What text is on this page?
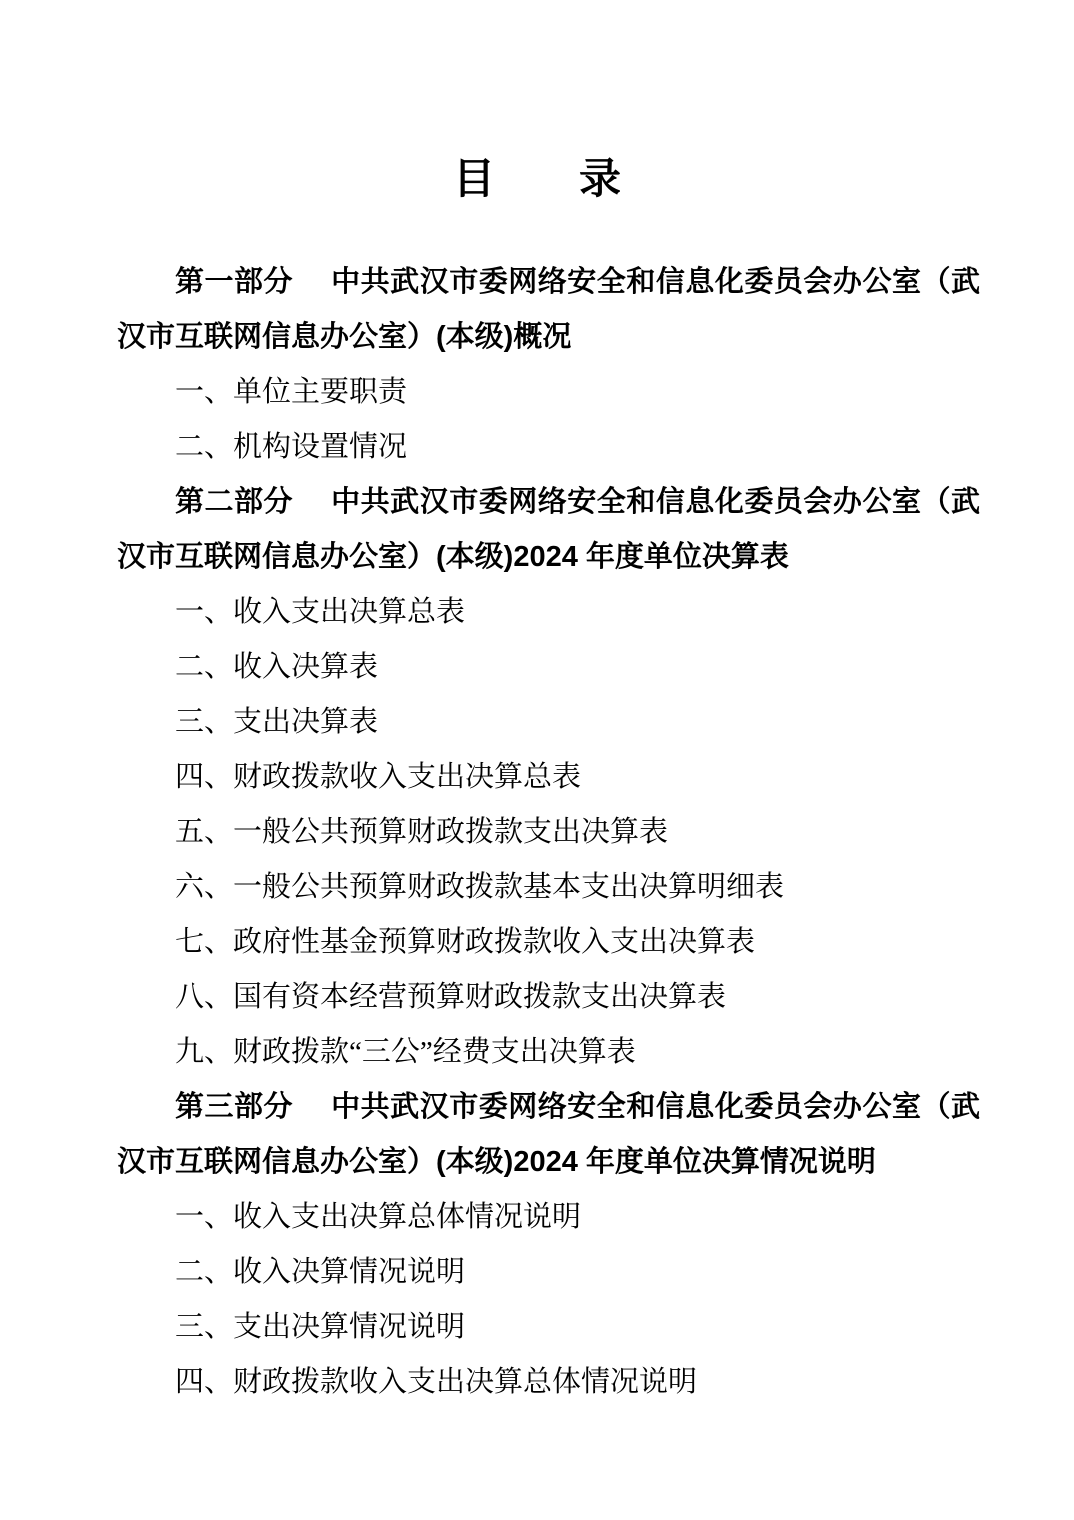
目　　录

第一部分　 中共武汉市委网络安全和信息化委员会办公室（武汉市互联网信息办公室）(本级)概况

一、单位主要职责

二、机构设置情况

第二部分　 中共武汉市委网络安全和信息化委员会办公室（武汉市互联网信息办公室）(本级)2024 年度单位决算表

一、收入支出决算总表

二、收入决算表

三、支出决算表

四、财政拨款收入支出决算总表

五、一般公共预算财政拨款支出决算表

六、一般公共预算财政拨款基本支出决算明细表

七、政府性基金预算财政拨款收入支出决算表

八、国有资本经营预算财政拨款支出决算表

九、财政拨款“三公”经费支出决算表

第三部分　 中共武汉市委网络安全和信息化委员会办公室（武汉市互联网信息办公室）(本级)2024 年度单位决算情况说明

一、收入支出决算总体情况说明

二、收入决算情况说明

三、支出决算情况说明

四、财政拨款收入支出决算总体情况说明
